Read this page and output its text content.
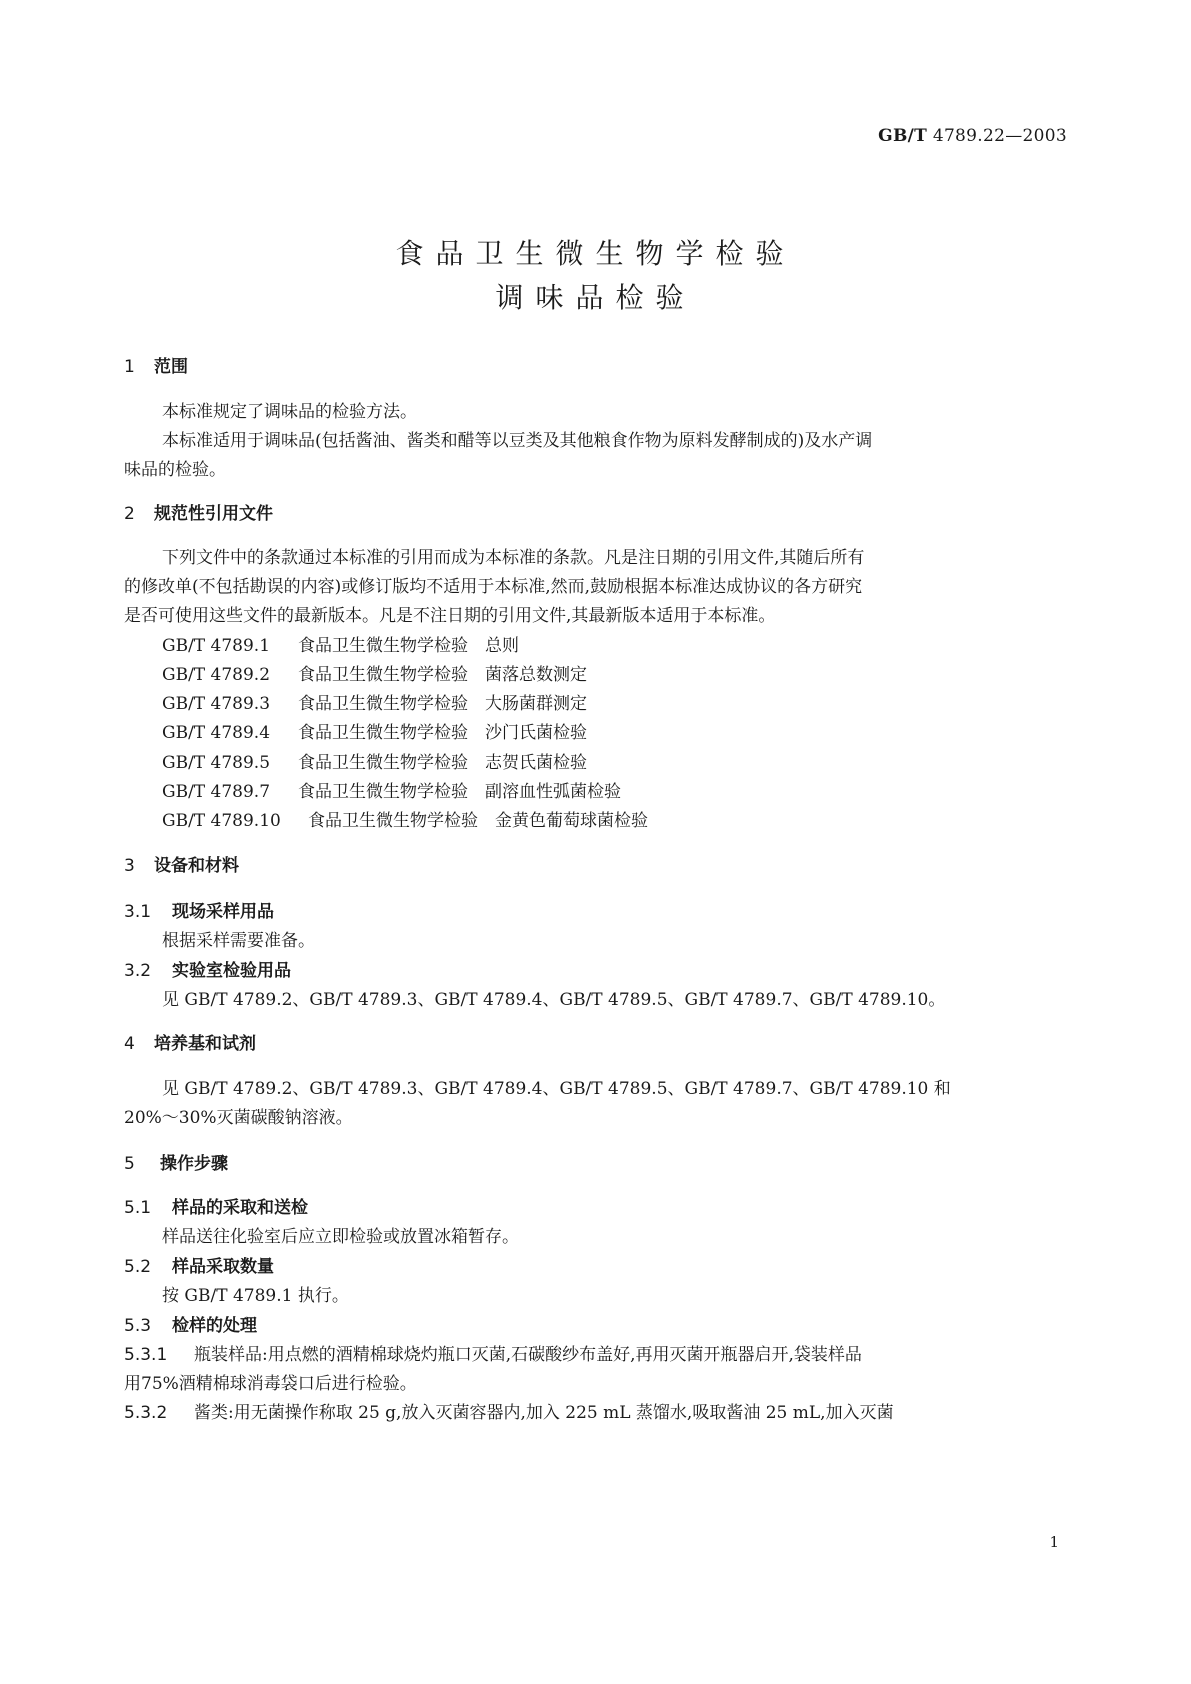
GB/T 4789.22—2003
食品卫生微生物学检验
调味品检验
1 范围
本标准规定了调味品的检验方法。
本标准适用于调味品(包括酱油、酱类和醋等以豆类及其他粮食作物为原料发酵制成的)及水产调
味品的检验。
2 规范性引用文件
下列文件中的条款通过本标准的引用而成为本标准的条款。凡是注日期的引用文件,其随后所有
的修改单(不包括勘误的内容)或修订版均不适用于本标准,然而,鼓励根据本标准达成协议的各方研究
是否可使用这些文件的最新版本。凡是不注日期的引用文件,其最新版本适用于本标准。
GB/T 4789.1 食品卫生微生物学检验　总则
GB/T 4789.2 食品卫生微生物学检验　菌落总数测定
GB/T 4789.3 食品卫生微生物学检验　大肠菌群测定
GB/T 4789.4 食品卫生微生物学检验　沙门氏菌检验
GB/T 4789.5 食品卫生微生物学检验　志贺氏菌检验
GB/T 4789.7 食品卫生微生物学检验　副溶血性弧菌检验
GB/T 4789.10 食品卫生微生物学检验　金黄色葡萄球菌检验
3 设备和材料
3.1 现场采样用品
根据采样需要准备。
3.2 实验室检验用品
见 GB/T 4789.2、GB/T 4789.3、GB/T 4789.4、GB/T 4789.5、GB/T 4789.7、GB/T 4789.10。
4 培养基和试剂
见 GB/T 4789.2、GB/T 4789.3、GB/T 4789.4、GB/T 4789.5、GB/T 4789.7、GB/T 4789.10 和
20%～30%灭菌碳酸钠溶液。
5 操作步骤
5.1 样品的采取和送检
样品送往化验室后应立即检验或放置冰箱暂存。
5.2 样品采取数量
按 GB/T 4789.1 执行。
5.3 检样的处理
5.3.1 瓶装样品:用点燃的酒精棉球烧灼瓶口灭菌,石碳酸纱布盖好,再用灭菌开瓶器启开,袋装样品
用75%酒精棉球消毒袋口后进行检验。
5.3.2 酱类:用无菌操作称取 25 g,放入灭菌容器内,加入 225 mL 蒸馏水,吸取酱油 25 mL,加入灭菌
1
